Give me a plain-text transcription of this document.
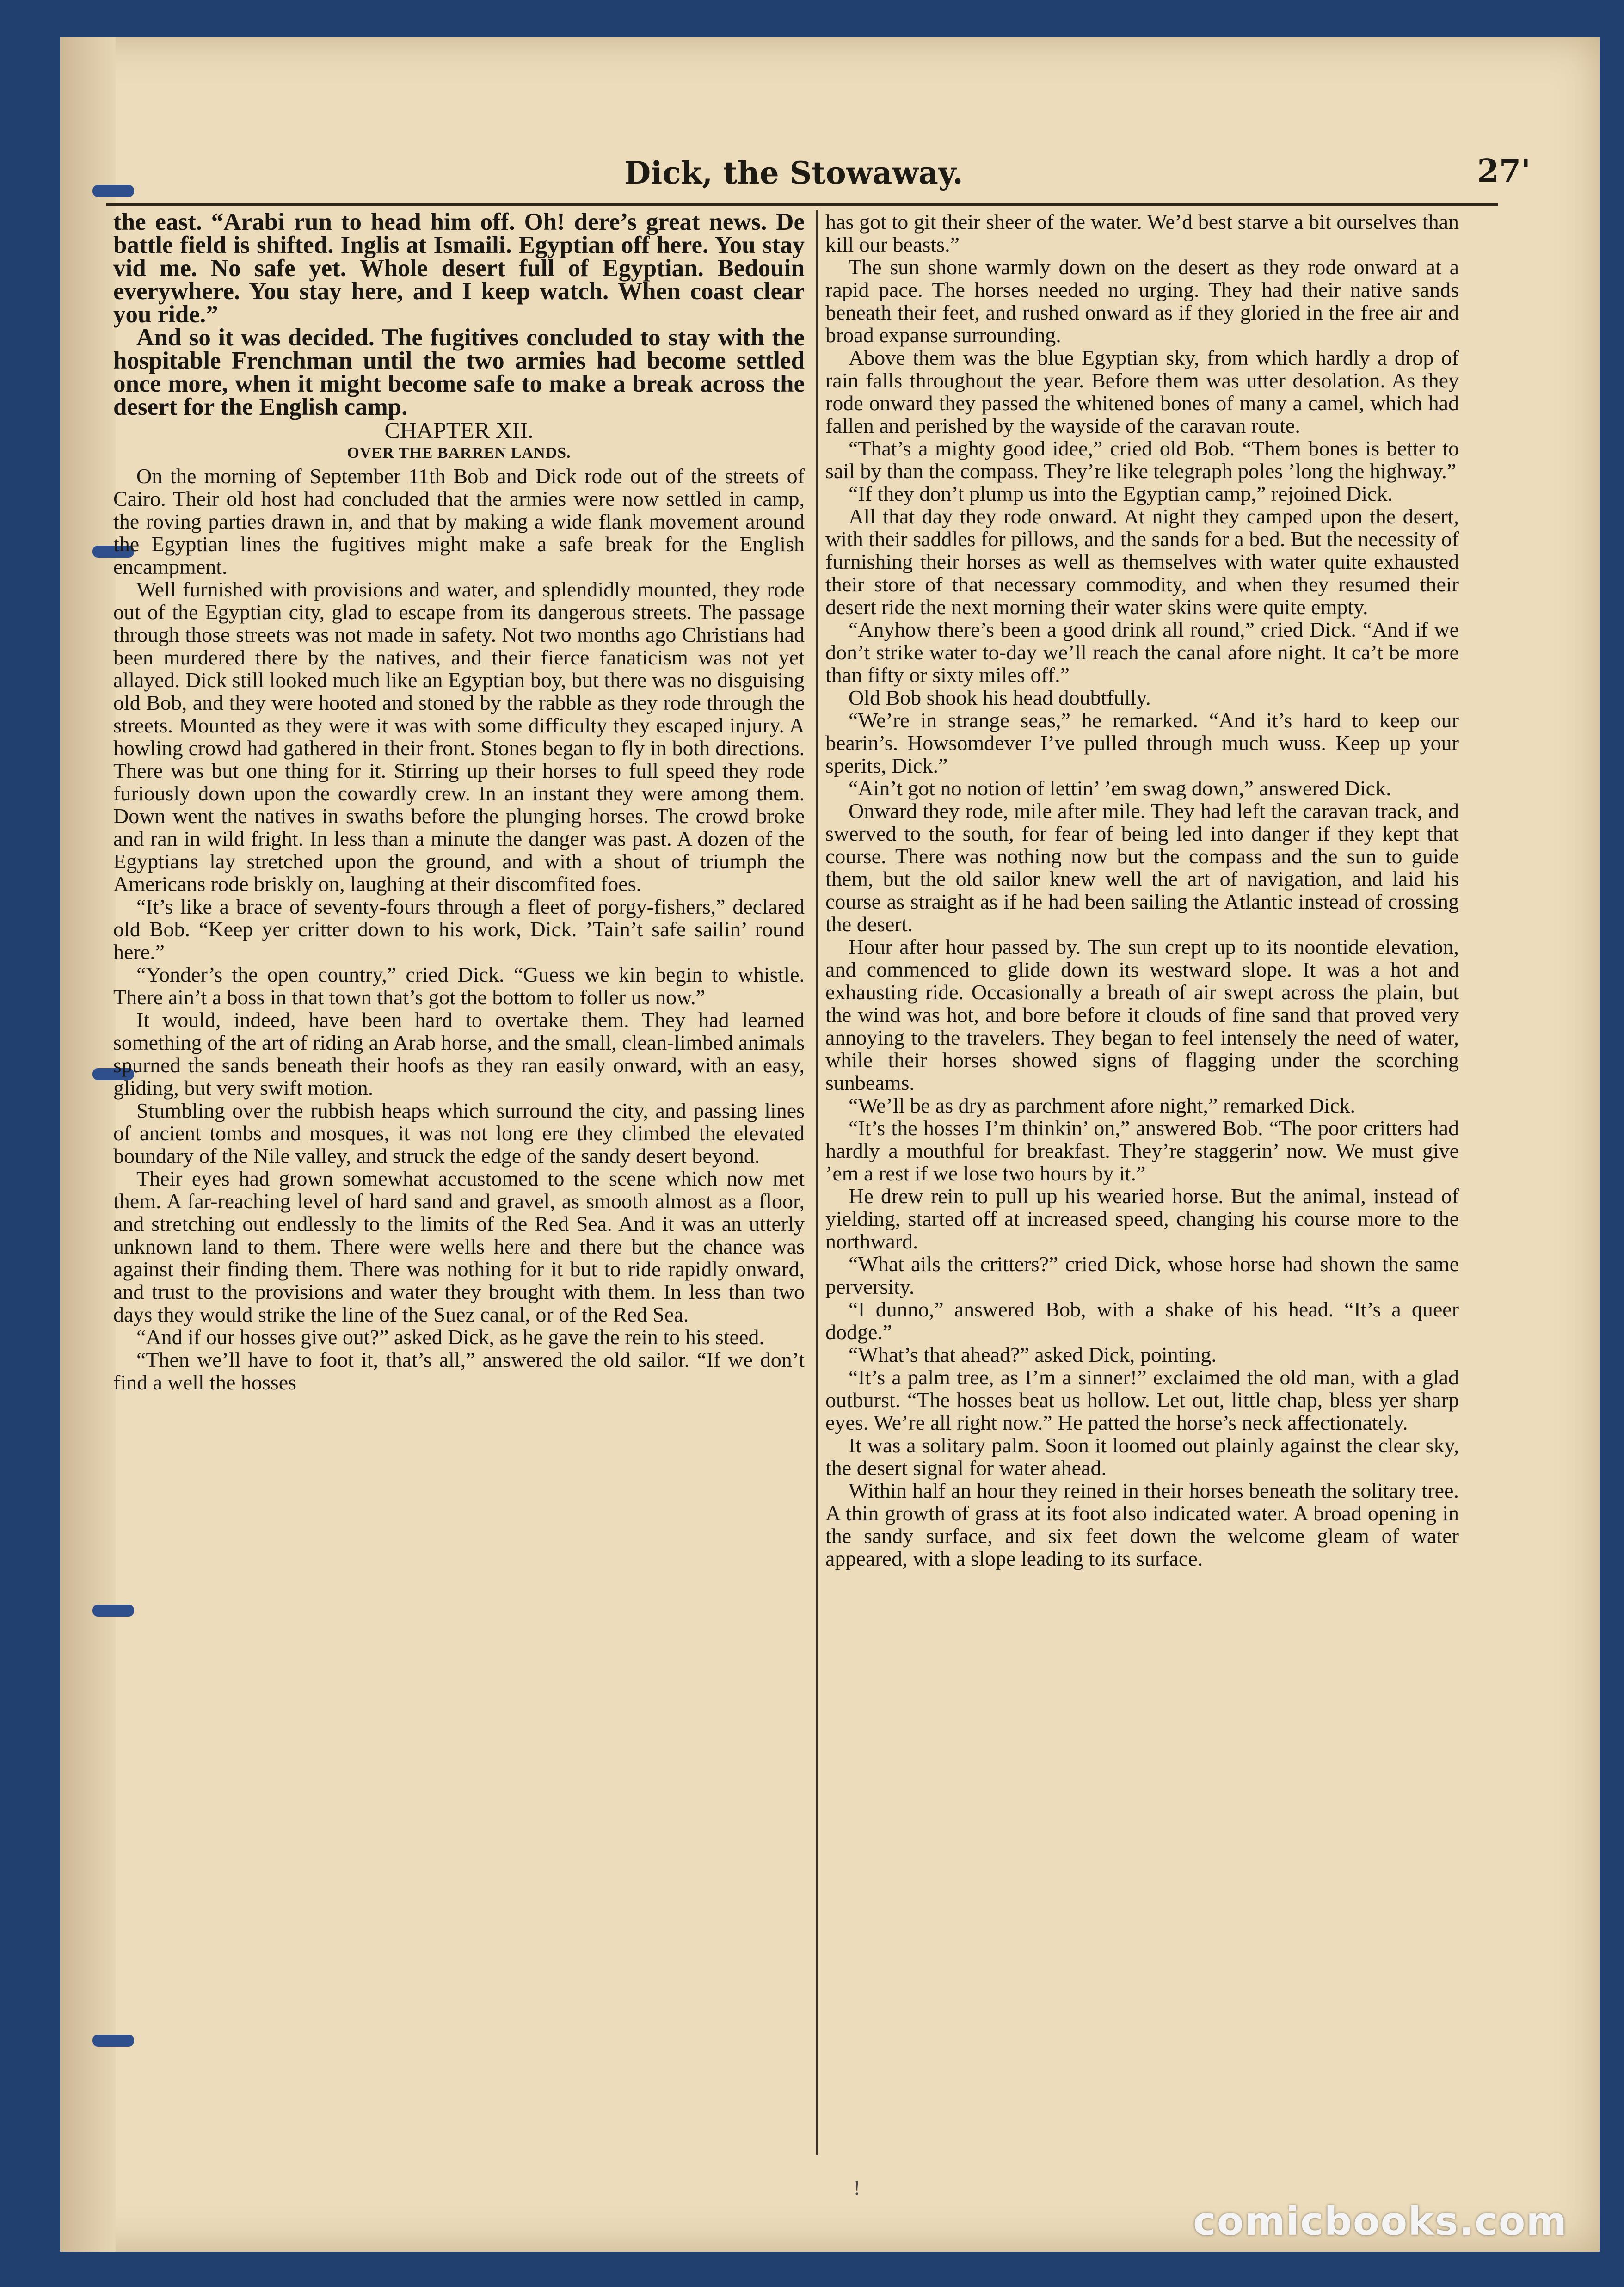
Dick, the Stowaway.	27'

the east. “Arabi run to head him off. Oh! dere’s great news. De battle field is shifted. Inglis at Ismaili. Egyptian off here. You stay vid me. No safe yet. Whole desert full of Egyptian. Bedouin everywhere. You stay here, and I keep watch. When coast clear you ride.”

And so it was decided. The fugitives concluded to stay with the hospitable Frenchman until the two armies had become settled once more, when it might become safe to make a break across the desert for the English camp.

CHAPTER XII.

OVER THE BARREN LANDS.

On the morning of September 11th Bob and Dick rode out of the streets of Cairo. Their old host had concluded that the armies were now settled in camp, the roving parties drawn in, and that by making a wide flank movement around the Egyptian lines the fugitives might make a safe break for the English encampment.

Well furnished with provisions and water, and splendidly mounted, they rode out of the Egyptian city, glad to escape from its dangerous streets. The passage through those streets was not made in safety. Not two months ago Christians had been murdered there by the natives, and their fierce fanaticism was not yet allayed. Dick still looked much like an Egyptian boy, but there was no disguising old Bob, and they were hooted and stoned by the rabble as they rode through the streets. Mounted as they were it was with some difficulty they escaped injury. A howling crowd had gathered in their front. Stones began to fly in both directions. There was but one thing for it. Stirring up their horses to full speed they rode furiously down upon the cowardly crew. In an instant they were among them. Down went the natives in swaths before the plunging horses. The crowd broke and ran in wild fright. In less than a minute the danger was past. A dozen of the Egyptians lay stretched upon the ground, and with a shout of triumph the Americans rode briskly on, laughing at their discomfited foes.

“It’s like a brace of seventy-fours through a fleet of porgy-fishers,” declared old Bob. “Keep yer critter down to his work, Dick. ’Tain’t safe sailin’ round here.”

“Yonder’s the open country,” cried Dick. “Guess we kin begin to whistle. There ain’t a boss in that town that’s got the bottom to foller us now.”

It would, indeed, have been hard to overtake them. They had learned something of the art of riding an Arab horse, and the small, clean-limbed animals spurned the sands beneath their hoofs as they ran easily onward, with an easy, gliding, but very swift motion.

Stumbling over the rubbish heaps which surround the city, and passing lines of ancient tombs and mosques, it was not long ere they climbed the elevated boundary of the Nile valley, and struck the edge of the sandy desert beyond.

Their eyes had grown somewhat accustomed to the scene which now met them. A far-reaching level of hard sand and gravel, as smooth almost as a floor, and stretching out endlessly to the limits of the Red Sea. And it was an utterly unknown land to them. There were wells here and there but the chance was against their finding them. There was nothing for it but to ride rapidly onward, and trust to the provisions and water they brought with them. In less than two days they would strike the line of the Suez canal, or of the Red Sea.

“And if our hosses give out?” asked Dick, as he gave the rein to his steed.

“Then we’ll have to foot it, that’s all,” answered the old sailor. “If we don’t find a well the hosses

has got to git their sheer of the water. We’d best starve a bit ourselves than kill our beasts.”

The sun shone warmly down on the desert as they rode onward at a rapid pace. The horses needed no urging. They had their native sands beneath their feet, and rushed onward as if they gloried in the free air and broad expanse surrounding.

Above them was the blue Egyptian sky, from which hardly a drop of rain falls throughout the year. Before them was utter desolation. As they rode onward they passed the whitened bones of many a camel, which had fallen and perished by the wayside of the caravan route.

“That’s a mighty good idee,” cried old Bob. “Them bones is better to sail by than the compass. They’re like telegraph poles ’long the highway.”

“If they don’t plump us into the Egyptian camp,” rejoined Dick.

All that day they rode onward. At night they camped upon the desert, with their saddles for pillows, and the sands for a bed. But the necessity of furnishing their horses as well as themselves with water quite exhausted their store of that necessary commodity, and when they resumed their desert ride the next morning their water skins were quite empty.

“Anyhow there’s been a good drink all round,” cried Dick. “And if we don’t strike water to-day we’ll reach the canal afore night. It ca’t be more than fifty or sixty miles off.”

Old Bob shook his head doubtfully.

“We’re in strange seas,” he remarked. “And it’s hard to keep our bearin’s. Howsomdever I’ve pulled through much wuss. Keep up your sperits, Dick.”

“Ain’t got no notion of lettin’ ’em swag down,” answered Dick.

Onward they rode, mile after mile. They had left the caravan track, and swerved to the south, for fear of being led into danger if they kept that course. There was nothing now but the compass and the sun to guide them, but the old sailor knew well the art of navigation, and laid his course as straight as if he had been sailing the Atlantic instead of crossing the desert.

Hour after hour passed by. The sun crept up to its noontide elevation, and commenced to glide down its westward slope. It was a hot and exhausting ride. Occasionally a breath of air swept across the plain, but the wind was hot, and bore before it clouds of fine sand that proved very annoying to the travelers. They began to feel intensely the need of water, while their horses showed signs of flagging under the scorching sunbeams.

“We’ll be as dry as parchment afore night,” remarked Dick.

“It’s the hosses I’m thinkin’ on,” answered Bob. “The poor critters had hardly a mouthful for breakfast. They’re staggerin’ now. We must give ’em a rest if we lose two hours by it.”

He drew rein to pull up his wearied horse. But the animal, instead of yielding, started off at increased speed, changing his course more to the northward.

“What ails the critters?” cried Dick, whose horse had shown the same perversity.

“I dunno,” answered Bob, with a shake of his head. “It’s a queer dodge.”

“What’s that ahead?” asked Dick, pointing.

“It’s a palm tree, as I’m a sinner!” exclaimed the old man, with a glad outburst. “The hosses beat us hollow. Let out, little chap, bless yer sharp eyes. We’re all right now.” He patted the horse’s neck affectionately.

It was a solitary palm. Soon it loomed out plainly against the clear sky, the desert signal for water ahead.

Within half an hour they reined in their horses beneath the solitary tree. A thin growth of grass at its foot also indicated water. A broad opening in the sandy surface, and six feet down the welcome gleam of water appeared, with a slope leading to its surface.

!
comicbooks.com
